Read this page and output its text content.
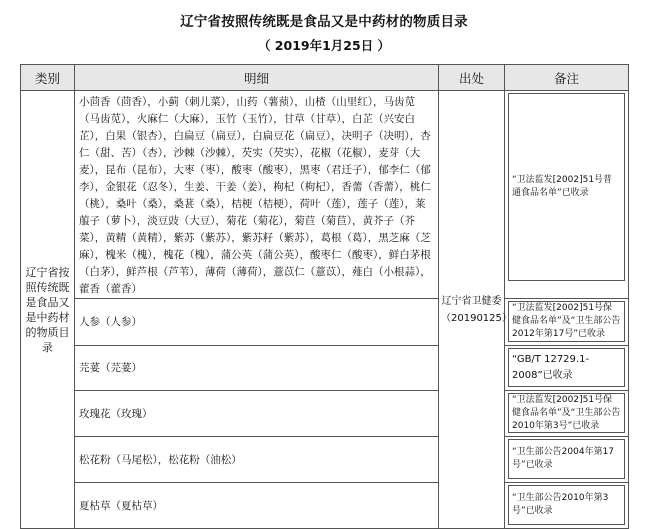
辽宁省按照传统既是食品又是中药材的物质目录
（ 2019年1月25日 ）
类别	明细	出处	备注
辽宁省按照传统既是食品又是中药材的物质目录	小茴香（茴香），小蓟（刺儿菜），山药（薯蓣），山楂（山里红），马齿苋（马齿苋），火麻仁（大麻），玉竹（玉竹），甘草（甘草），白芷（兴安白芷），白果（银杏），白扁豆（扁豆），白扁豆花（扁豆），决明子（决明），杏仁（甜、苦）（杏），沙棘（沙棘），芡实（芡实），花椒（花椒），麦芽（大麦），昆布（昆布），大枣（枣），酸枣（酸枣），黑枣（君迁子），郁李仁（郁李），金银花（忍冬），生姜、干姜（姜），枸杞（枸杞），香薷（香薷），桃仁（桃），桑叶（桑），桑葚（桑），桔梗（桔梗），荷叶（莲），莲子（莲），莱菔子（萝卜），淡豆豉（大豆），菊花（菊花），菊苣（菊苣），黄芥子（芥菜），黄精（黄精），紫苏（紫苏），紫苏籽（紫苏），葛根（葛），黑芝麻（芝麻），槐米（槐），槐花（槐），蒲公英（蒲公英），酸枣仁（酸枣），鲜白茅根（白茅），鲜芦根（芦苇），薄荷（薄荷），薏苡仁（薏苡），薤白（小根蒜），藿香（藿香）	辽宁省卫健委（20190125）	“卫法监发[2002]51号普通食品名单”已收录

	人参（人参）		“卫法监发[2002]51号保健食品名单”及“卫生部公告2012年第17号”已收录

	芫荽（芫荽）		“GB/T 12729.1-2008”已收录

	玫瑰花（玫瑰）		“卫法监发[2002]51号保健食品名单”及“卫生部公告2010年第3号”已收录

	松花粉（马尾松），松花粉（油松）		“卫生部公告2004年第17号”已收录

	夏枯草（夏枯草）		“卫生部公告2010年第3号”已收录
